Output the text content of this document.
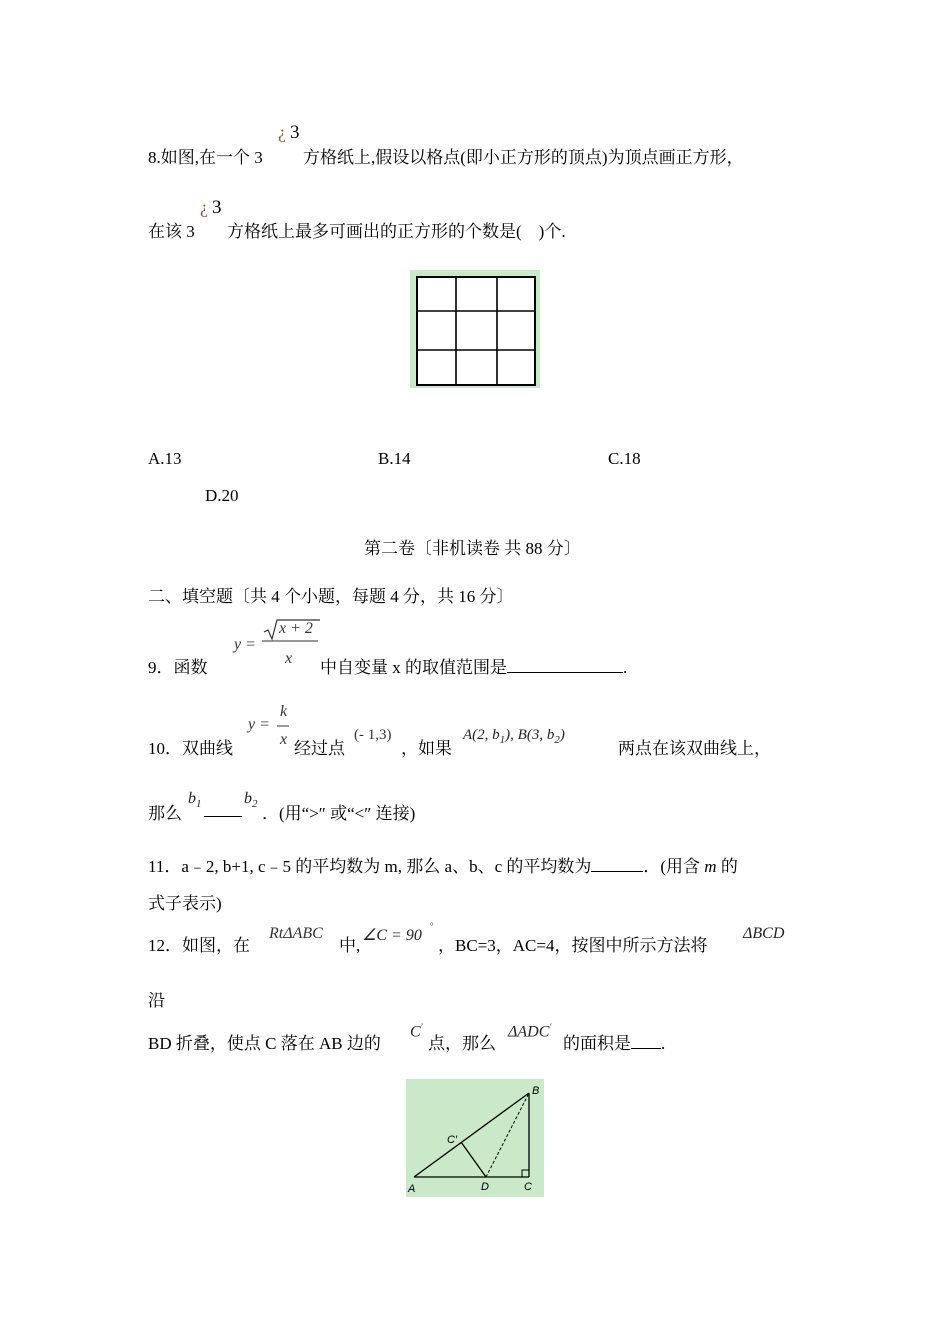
8.如图,在一个 3
¿ 3
方格纸上,假设以格点(即小正方形的顶点)为顶点画正方形，
在该 3
¿ 3
方格纸上最多可画出的正方形的个数是(　)个.
A.13	B.14	C.18
D.20
第二卷〔非机读卷 共 88 分〕
二、填空题〔共 4 个小题，每题 4 分，共 16 分〕
9．函数
y =
x + 2
x 中自变量 x 的取值范围是	.
10．双曲线
y =
k
x 经过点
(- 1,3)
，如果
A(2, $b_1$), B(3, $b_2$)
两点在该双曲线上，
那么
$b_1$	$b_2$ ．(用“>″ 或“<″ 连接)
11．a﹣2, b+1, c﹣5 的平均数为 m, 那么 a、b、c 的平均数为	．(用含 m 的
式子表示)
12．如图，在
RtΔABC
中,
∠C = 90
°
，BC=3，AC=4，按图中所示方法将
ΔBCD
沿
BD 折叠，使点 C 落在 AB 边的
C′
点，那么
ΔADC′
的面积是 .
A
B
C
D
C′
